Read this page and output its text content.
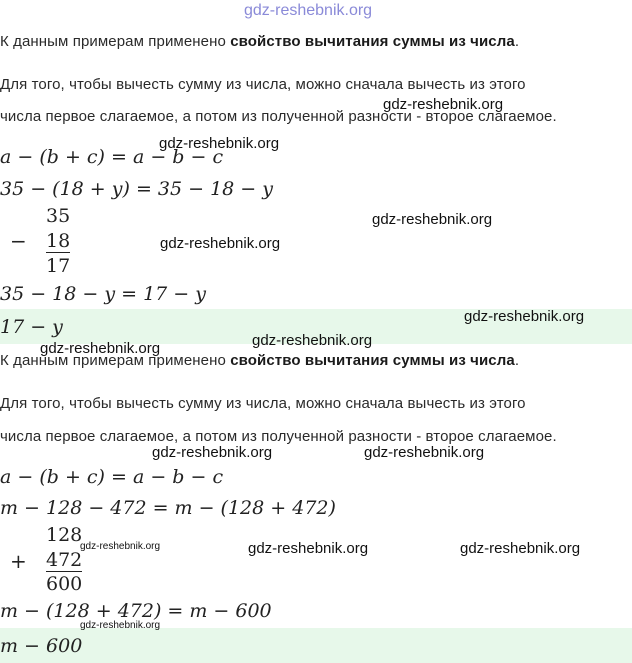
gdz-reshebnik.org
К данным примерам применено свойство вычитания суммы из числа.
Для того, чтобы вычесть сумму из числа, можно сначала вычесть из этого
числа первое слагаемое, а потом из полученной разности - второе слагаемое.
a − (b + c) = a − b − c
35 − (18 + y) = 35 − 18 − y
−
35
18
17
35 − 18 − y = 17 − y
17 − y
К данным примерам применено свойство вычитания суммы из числа.
Для того, чтобы вычесть сумму из числа, можно сначала вычесть из этого
числа первое слагаемое, а потом из полученной разности - второе слагаемое.
a − (b + c) = a − b − c
m − 128 − 472 = m − (128 + 472)
+
128
472
600
m − (128 + 472) = m − 600
m − 600
gdz-reshebnik.org
gdz-reshebnik.org
gdz-reshebnik.org
gdz-reshebnik.org
gdz-reshebnik.org
gdz-reshebnik.org
gdz-reshebnik.org
gdz-reshebnik.org	gdz-reshebnik.org
gdz-reshebnik.org	gdz-reshebnik.org	gdz-reshebnik.org
gdz-reshebnik.org
